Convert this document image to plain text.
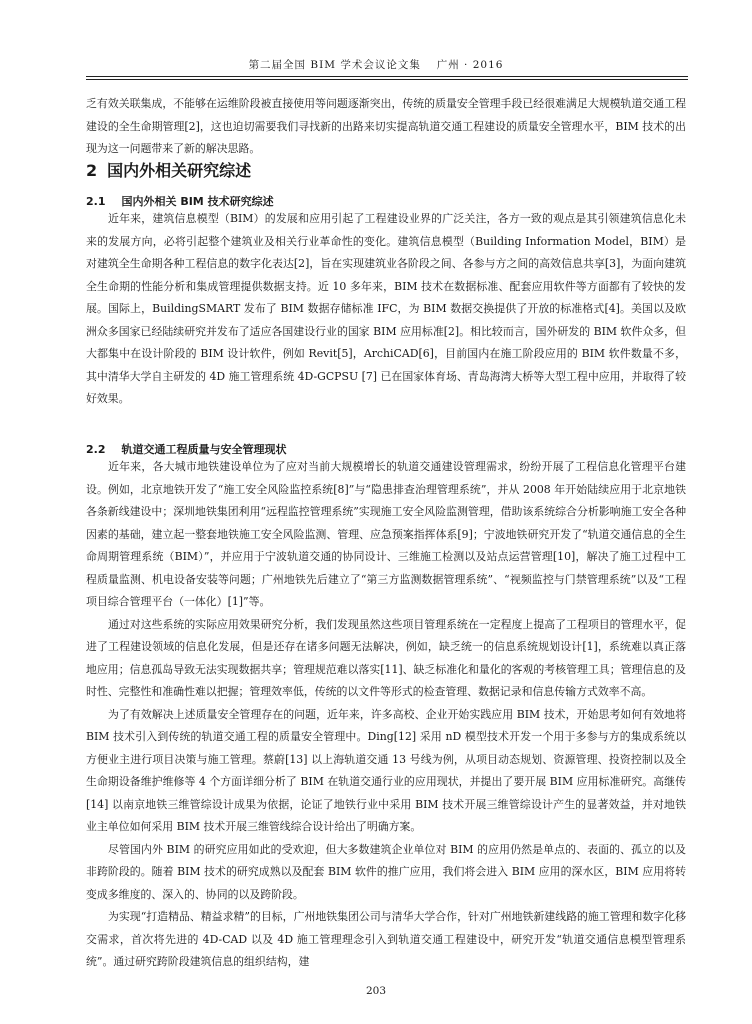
第二届全国 BIM 学术会议论文集　 广州 · 2016

乏有效关联集成，不能够在运维阶段被直接使用等问题逐渐突出，传统的质量安全管理手段已经很难满足大规模轨道交通工程建设的全生命期管理[2]，这也迫切需要我们寻找新的出路来切实提高轨道交通工程建设的质量安全管理水平，BIM 技术的出现为这一问题带来了新的解决思路。

2 国内外相关研究综述
2.1 国内外相关 BIM 技术研究综述

近年来，建筑信息模型（BIM）的发展和应用引起了工程建设业界的广泛关注，各方一致的观点是其引领建筑信息化未来的发展方向，必将引起整个建筑业及相关行业革命性的变化。建筑信息模型（Building Information Model，BIM）是对建筑全生命期各种工程信息的数字化表达[2]，旨在实现建筑业各阶段之间、各参与方之间的高效信息共享[3]，为面向建筑全生命期的性能分析和集成管理提供数据支持。近 10 多年来，BIM 技术在数据标准、配套应用软件等方面都有了较快的发展。国际上，BuildingSMART 发布了 BIM 数据存储标准 IFC，为 BIM 数据交换提供了开放的标准格式[4]。美国以及欧洲众多国家已经陆续研究并发布了适应各国建设行业的国家 BIM 应用标准[2]。相比较而言，国外研发的 BIM 软件众多，但大都集中在设计阶段的 BIM 设计软件，例如 Revit[5]，ArchiCAD[6]，目前国内在施工阶段应用的 BIM 软件数量不多，其中清华大学自主研发的 4D 施工管理系统 4D-GCPSU [7] 已在国家体育场、青岛海湾大桥等大型工程中应用，并取得了较好效果。

2.2 轨道交通工程质量与安全管理现状

近年来，各大城市地铁建设单位为了应对当前大规模增长的轨道交通建设管理需求，纷纷开展了工程信息化管理平台建设。例如，北京地铁开发了“施工安全风险监控系统[8]”与“隐患排查治理管理系统”，并从 2008 年开始陆续应用于北京地铁各条新线建设中；深圳地铁集团利用“远程监控管理系统”实现施工安全风险监测管理，借助该系统综合分析影响施工安全各种因素的基础，建立起一整套地铁施工安全风险监测、管理、应急预案指挥体系[9]；宁波地铁研究开发了“轨道交通信息的全生命周期管理系统（BIM）”，并应用于宁波轨道交通的协同设计、三维施工检测以及站点运营管理[10]，解决了施工过程中工程质量监测、机电设备安装等问题；广州地铁先后建立了“第三方监测数据管理系统”、“视频监控与门禁管理系统”以及“工程项目综合管理平台（一体化）[1]”等。

通过对这些系统的实际应用效果研究分析，我们发现虽然这些项目管理系统在一定程度上提高了工程项目的管理水平，促进了工程建设领域的信息化发展，但是还存在诸多问题无法解决，例如，缺乏统一的信息系统规划设计[1]，系统难以真正落地应用；信息孤岛导致无法实现数据共享；管理规范难以落实[11]、缺乏标准化和量化的客观的考核管理工具；管理信息的及时性、完整性和准确性难以把握；管理效率低，传统的以文件等形式的检查管理、数据记录和信息传输方式效率不高。

为了有效解决上述质量安全管理存在的问题，近年来，许多高校、企业开始实践应用 BIM 技术，开始思考如何有效地将 BIM 技术引入到传统的轨道交通工程的质量安全管理中。Ding[12] 采用 nD 模型技术开发一个用于多参与方的集成系统以方便业主进行项目决策与施工管理。蔡蔚[13] 以上海轨道交通 13 号线为例，从项目动态规划、资源管理、投资控制以及全生命期设备维护维修等 4 个方面详细分析了 BIM 在轨道交通行业的应用现状，并提出了要开展 BIM 应用标准研究。高继传[14] 以南京地铁三维管综设计成果为依据，论证了地铁行业中采用 BIM 技术开展三维管综设计产生的显著效益，并对地铁业主单位如何采用 BIM 技术开展三维管线综合设计给出了明确方案。

尽管国内外 BIM 的研究应用如此的受欢迎，但大多数建筑企业单位对 BIM 的应用仍然是单点的、表面的、孤立的以及非跨阶段的。随着 BIM 技术的研究成熟以及配套 BIM 软件的推广应用，我们将会进入 BIM 应用的深水区，BIM 应用将转变成多维度的、深入的、协同的以及跨阶段。

为实现“打造精品、精益求精”的目标，广州地铁集团公司与清华大学合作，针对广州地铁新建线路的施工管理和数字化移交需求，首次将先进的 4D-CAD 以及 4D 施工管理理念引入到轨道交通工程建设中，研究开发“轨道交通信息模型管理系统”。通过研究跨阶段建筑信息的组织结构，建

203
